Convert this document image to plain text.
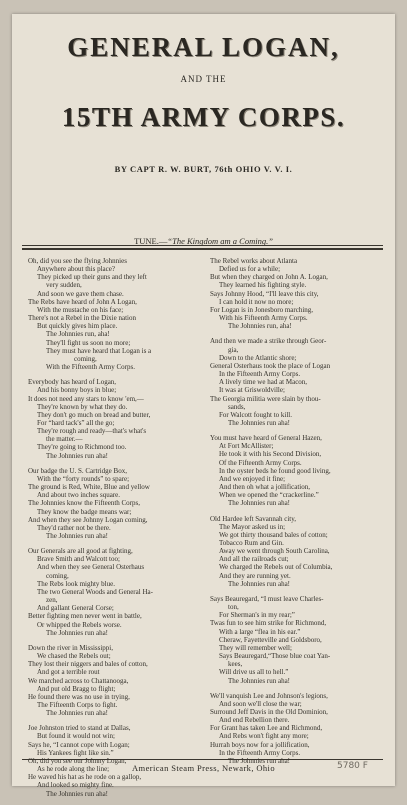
GENERAL LOGAN,
AND THE
15TH ARMY CORPS.
BY CAPT R. W. BURT, 76th OHIO V. V. I.
TUNE.—“The Kingdom am a Coming.”
Oh, did you see the flying Johnnies
Anywhere about this place?
They picked up their guns and they left
very sudden,
And soon we gave them chase.
The Rebs have heard of John A Logan,
With the mustache on his face;
There's not a Rebel in the Dixie nation
But quickly gives him place.
The Johnnies run, aha!
They'll fight us soon no more;
They must have heard that Logan is a
coming,
With the Fifteenth Army Corps.
Everybody has heard of Logan,
And his bonny boys in blue;
It does not need any stars to know 'em,—
They're known by what they do.
They don't go much on bread and butter,
For “hard tack's” all the go;
They're rough and ready—that's what's
the matter.—
They're going to Richmond too.
The Johnnies run aha!
Our badge the U. S. Cartridge Box,
With the “forty rounds” to spare;
The ground is Red, White, Blue and yellow
And about two inches square.
The Johnnies know the Fifteenth Corps,
They know the badge means war;
And when they see Johnny Logan coming,
They'd rather not be there.
The Johnnies run aha!
Our Generals are all good at fighting,
Brave Smith and Walcott too;
And when they see General Osterhaus
coming,
The Rebs look mighty blue.
The two General Woods and General Ha-
zen,
And gallant General Corse;
Better fighting men never went in battle,
Or whipped the Rebels worse.
The Johnnies run aha!
Down the river in Mississippi,
We chased the Rebels out;
They lost their niggers and bales of cotton,
And got a terrible rout
We marched across to Chattanooga,
And put old Bragg to flight;
He found there was no use in trying,
The Fifteenth Corps to fight.
The Johnnies run aha!
Joe Johnston tried to stand at Dallas,
But found it would not win;
Says he, “I cannot cope with Logan;
His Yankees fight like sin.”
Oh, did you see our Johnny Logan,
As he rode along the line;
He waved his hat as he rode on a gallop,
And looked so mighty fine.
The Johnnies run aha!
The Rebel works about Atlanta
Defied us for a while;
But when they charged on John A. Logan,
They learned his fighting style.
Says Johnny Hood, “I'll leave this city,
I can hold it now no more;
For Logan is in Jonesboro marching,
With his Fifteenth Army Corps.
The Johnnies run, aha!
And then we made a strike through Geor-
gia,
Down to the Atlantic shore;
General Osterhaus took the place of Logan
In the Fifteenth Army Corps.
A lively time we had at Macon,
It was at Griswoldville;
The Georgia militia were slain by thou-
sands,
For Walcott fought to kill.
The Johnnies run aha!
You must have heard of General Hazen,
At Fort McAllister;
He took it with his Second Division,
Of the Fifteenth Army Corps.
In the oyster beds he found good living,
And we enjoyed it fine;
And then oh what a jollification,
When we opened the “crackerline.”
The Johnnies run aha!
Old Hardee left Savannah city,
The Mayor asked us in;
We got thirty thousand bales of cotton;
Tobacco Rum and Gin.
Away we went through South Carolina,
And all the railroads cut;
We charged the Rebels out of Columbia,
And they are running yet.
The Johnnies run aha!
Says Beauregard, “I must leave Charles-
ton,
For Sherman's in my rear;”
Twas fun to see him strike for Richmond,
With a large “flea in his ear.”
Cheraw, Fayetteville and Goldsboro,
They will remember well;
Says Beauregard,“Those blue coat Yan-
kees,
Will drive us all to hell.”
The Johnnies run aha!
We'll vanquish Lee and Johnson's legions,
And soon we'll close the war;
Surround Jeff Davis in the Old Dominion,
And end Rebellion there.
For Grant has taken Lee and Richmond,
And Rebs won't fight any more;
Hurrah boys now for a jollification,
In the Fifteenth Army Corps.
The Johnnies run aha!
American Steam Press, Newark, Ohio	5780 F
